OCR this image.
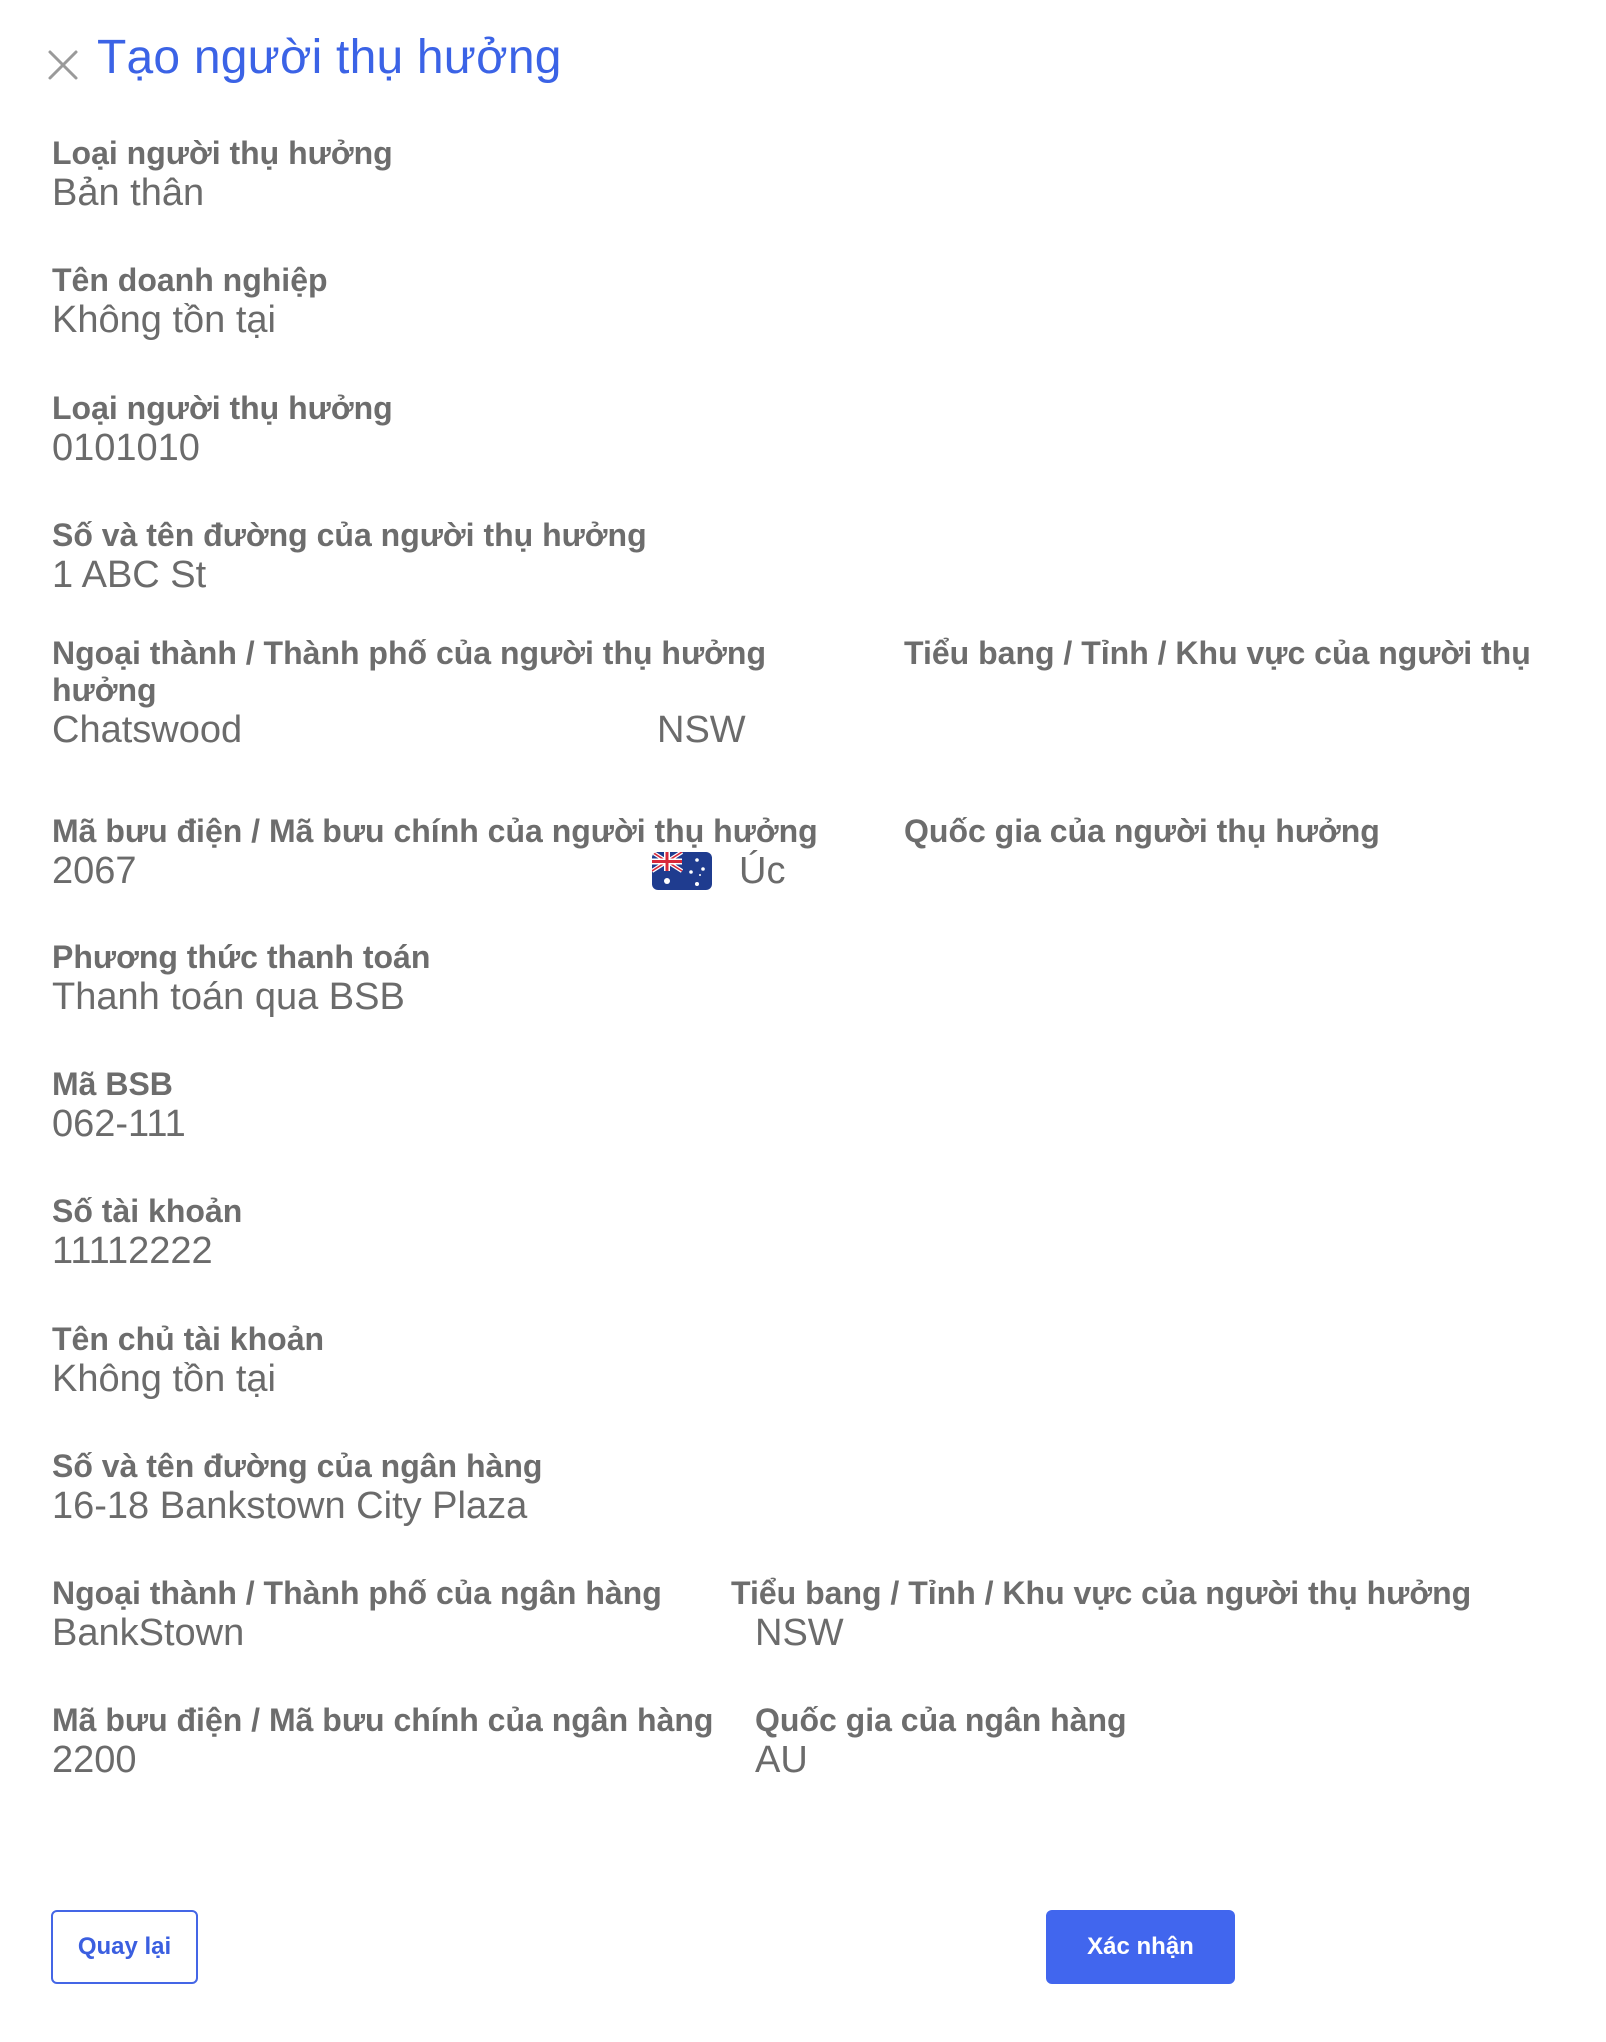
Tạo người thụ hưởng
Loại người thụ hưởng
Bản thân
Tên doanh nghiệp
Không tồn tại
Loại người thụ hưởng
0101010
Số và tên đường của người thụ hưởng
1 ABC St
Ngoại thành / Thành phố của người thụ hưởng
hưởng
Chatswood
Tiểu bang / Tỉnh / Khu vực của người thụ
NSW
Mã bưu điện / Mã bưu chính của người thụ hưởng
2067
Quốc gia của người thụ hưởng
Úc
Phương thức thanh toán
Thanh toán qua BSB
Mã BSB
062-111
Số tài khoản
11112222
Tên chủ tài khoản
Không tồn tại
Số và tên đường của ngân hàng
16-18 Bankstown City Plaza
Ngoại thành / Thành phố của ngân hàng
BankStown
Tiểu bang / Tỉnh / Khu vực của người thụ hưởng
NSW
Mã bưu điện / Mã bưu chính của ngân hàng
2200
Quốc gia của ngân hàng
AU
Quay lại	Xác nhận
